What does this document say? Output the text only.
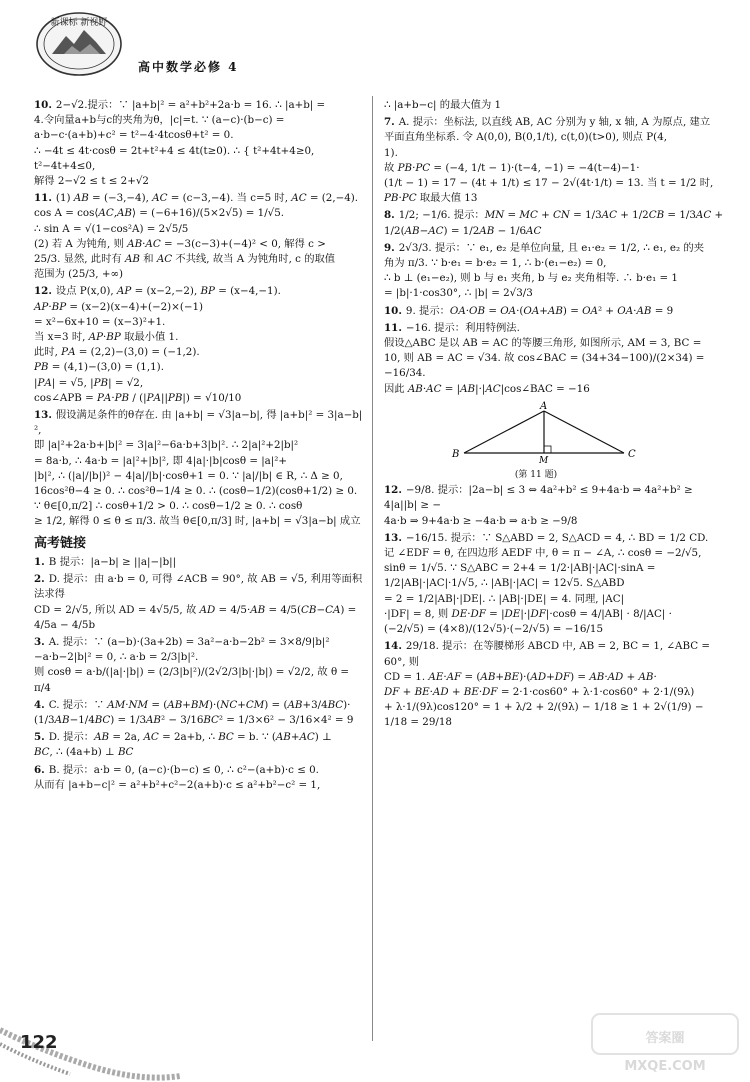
新课标 新视野
高中数学必修 4
10. 2−√2.提示：∵ |a+b|² = a²+b²+2a·b = 16. ∴ |a+b| =
4.令向量a+b与c的夹角为θ，|c|=t. ∵ (a−c)·(b−c) =
a·b−c·(a+b)+c² = t²−4·4tcosθ+t² = 0.
∴ −4t ≤ 4t·cosθ = 2t+t²+4 ≤ 4t(t≥0). ∴ { t²+4t+4≥0, t²−4t+4≤0,
解得 2−√2 ≤ t ≤ 2+√2
11. (1) 𝐴𝐵 = (−3,−4), 𝐴𝐶 = (c−3,−4). 当 c=5 时, 𝐴𝐶 = (2,−4).
cos A = cos⟨𝐴𝐶,𝐴𝐵⟩ = (−6+16)/(5×2√5) = 1/√5.
∴ sin A = √(1−cos²A) = 2√5/5
(2) 若 A 为钝角, 则 𝐴𝐵·𝐴𝐶 = −3(c−3)+(−4)² < 0, 解得 c >
25/3. 显然, 此时有 𝐴𝐵 和 𝐴𝐶 不共线, 故当 A 为钝角时, c 的取值
范围为 (25/3, +∞)
12. 设点 P(x,0), 𝐴𝑃 = (x−2,−2), 𝐵𝑃 = (x−4,−1).
𝐴𝑃·𝐵𝑃 = (x−2)(x−4)+(−2)×(−1)
= x²−6x+10 = (x−3)²+1.
当 x=3 时, 𝐴𝑃·𝐵𝑃 取最小值 1.
此时, 𝑃𝐴 = (2,2)−(3,0) = (−1,2).
𝑃𝐵 = (4,1)−(3,0) = (1,1).
|𝑃𝐴| = √5, |𝑃𝐵| = √2,
cos∠APB = 𝑃𝐴·𝑃𝐵 / (|𝑃𝐴||𝑃𝐵|) = √10/10
13. 假设满足条件的θ存在. 由 |a+b| = √3|a−b|, 得 |a+b|² = 3|a−b|²,
即 |a|²+2a·b+|b|² = 3|a|²−6a·b+3|b|². ∴ 2|a|²+2|b|²
= 8a·b, ∴ 4a·b = |a|²+|b|², 即 4|a|·|b|cosθ = |a|²+
|b|², ∴ (|a|/|b|)² − 4|a|/|b|·cosθ+1 = 0. ∵ |a|/|b| ∈ R, ∴ Δ ≥ 0,
16cos²θ−4 ≥ 0. ∴ cos²θ−1/4 ≥ 0. ∴ (cosθ−1/2)(cosθ+1/2) ≥ 0.
∵ θ∈[0,π/2] ∴ cosθ+1/2 > 0. ∴ cosθ−1/2 ≥ 0. ∴ cosθ
≥ 1/2, 解得 0 ≤ θ ≤ π/3. 故当 θ∈[0,π/3] 时, |a+b| = √3|a−b| 成立
高考链接
1. B 提示：|a−b| ≥ ||a|−|b||
2. D. 提示：由 a·b = 0, 可得 ∠ACB = 90°, 故 AB = √5, 利用等面积法求得
CD = 2/√5, 所以 AD = 4√5/5, 故 𝐴𝐷 = 4/5·𝐴𝐵 = 4/5(𝐶𝐵−𝐶𝐴) = 4/5a − 4/5b
3. A. 提示：∵ (a−b)·(3a+2b) = 3a²−a·b−2b² = 3×8/9|b|²
−a·b−2|b|² = 0, ∴ a·b = 2/3|b|².
则 cosθ = a·b/(|a|·|b|) = (2/3|b|²)/(2√2/3|b|·|b|) = √2/2, 故 θ = π/4
4. C. 提示：∵ 𝐴𝑀·𝑁𝑀 = (𝐴𝐵+𝐵𝑀)·(𝑁𝐶+𝐶𝑀) = (𝐴𝐵+3/4𝐵𝐶)·
(1/3𝐴𝐵−1/4𝐵𝐶) = 1/3𝐴𝐵² − 3/16𝐵𝐶² = 1/3×6² − 3/16×4² = 9
5. D. 提示：𝐴𝐵 = 2a, 𝐴𝐶 = 2a+b, ∴ 𝐵𝐶 = b. ∵ (𝐴𝐵+𝐴𝐶) ⊥
𝐵𝐶, ∴ (4a+b) ⊥ 𝐵𝐶
6. B. 提示：a·b = 0, (a−c)·(b−c) ≤ 0, ∴ c²−(a+b)·c ≤ 0.
从而有 |a+b−c|² = a²+b²+c²−2(a+b)·c ≤ a²+b²−c² = 1,
∴ |a+b−c| 的最大值为 1
7. A. 提示：坐标法, 以直线 AB, AC 分别为 y 轴, x 轴, A 为原点, 建立
平面直角坐标系. 令 A(0,0), B(0,1/t), c(t,0)(t>0), 则点 P(4,
1).
故 𝑃𝐵·𝑃𝐶 = (−4, 1/t − 1)·(t−4, −1) = −4(t−4)−1·
(1/t − 1) = 17 − (4t + 1/t) ≤ 17 − 2√(4t·1/t) = 13. 当 t = 1/2 时,
𝑃𝐵·𝑃𝐶 取最大值 13
8. 1/2; −1/6. 提示：𝑀𝑁 = 𝑀𝐶 + 𝐶𝑁 = 1/3𝐴𝐶 + 1/2𝐶𝐵 = 1/3𝐴𝐶 +
1/2(𝐴𝐵−𝐴𝐶) = 1/2𝐴𝐵 − 1/6𝐴𝐶
9. 2√3/3. 提示：∵ e₁, e₂ 是单位向量, 且 e₁·e₂ = 1/2, ∴ e₁, e₂ 的夹
角为 π/3. ∵ b·e₁ = b·e₂ = 1, ∴ b·(e₁−e₂) = 0,
∴ b ⊥ (e₁−e₂), 则 b 与 e₁ 夹角, b 与 e₂ 夹角相等. ∴ b·e₁ = 1
= |b|·1·cos30°, ∴ |b| = 2√3/3
10. 9. 提示：𝑂𝐴·𝑂𝐵 = 𝑂𝐴·(𝑂𝐴+𝐴𝐵) = 𝑂𝐴² + 𝑂𝐴·𝐴𝐵 = 9
11. −16. 提示：利用特例法.
假设△ABC 是以 AB = AC 的等腰三角形, 如图所示, AM = 3, BC =
10, 则 AB = AC = √34. 故 cos∠BAC = (34+34−100)/(2×34) = −16/34.
因此 𝐴𝐵·𝐴𝐶 = |𝐴𝐵|·|𝐴𝐶|cos∠BAC = −16
A
B	C
M
(第 11 题)
12. −9/8. 提示：|2a−b| ≤ 3 ⇔ 4a²+b² ≤ 9+4a·b ⇒ 4a²+b² ≥ 4|a||b| ≥ −
4a·b ⇒ 9+4a·b ≥ −4a·b ⇒ a·b ≥ −9/8
13. −16/15. 提示：∵ S△ABD = 2, S△ACD = 4, ∴ BD = 1/2 CD.
记 ∠EDF = θ, 在四边形 AEDF 中, θ = π − ∠A, ∴ cosθ = −2/√5,
sinθ = 1/√5. ∵ S△ABC = 2+4 = 1/2·|AB|·|AC|·sinA =
1/2|AB|·|AC|·1/√5, ∴ |AB|·|AC| = 12√5. S△ABD
= 2 = 1/2|AB|·|DE|. ∴ |AB|·|DE| = 4. 同理, |AC|
·|DF| = 8, 则 𝐷𝐸·𝐷𝐹 = |𝐷𝐸|·|𝐷𝐹|·cosθ = 4/|AB| · 8/|AC| ·
(−2/√5) = (4×8)/(12√5)·(−2/√5) = −16/15
14. 29/18. 提示：在等腰梯形 ABCD 中, AB = 2, BC = 1, ∠ABC = 60°, 则
CD = 1. 𝐴𝐸·𝐴𝐹 = (𝐴𝐵+𝐵𝐸)·(𝐴𝐷+𝐷𝐹) = 𝐴𝐵·𝐴𝐷 + 𝐴𝐵·
𝐷𝐹 + 𝐵𝐸·𝐴𝐷 + 𝐵𝐸·𝐷𝐹 = 2·1·cos60° + λ·1·cos60° + 2·1/(9λ)
+ λ·1/(9λ)cos120° = 1 + λ/2 + 2/(9λ) − 1/18 ≥ 1 + 2√(1/9) − 1/18 = 29/18
122	答案圈
MXQE.COM
